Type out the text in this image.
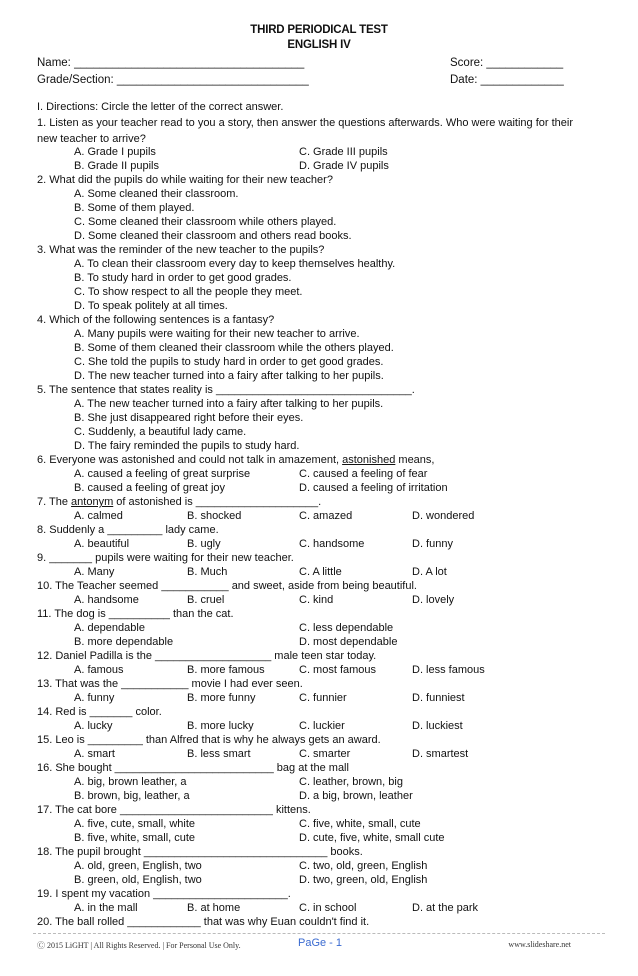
THIRD PERIODICAL TEST
ENGLISH IV
Name: ____________________________________	Score: ____________
Grade/Section: ______________________________	Date: _____________
I. Directions: Circle the letter of the correct answer.
1. Listen as your teacher read to you a story, then answer the questions afterwards. Who were waiting for their
new teacher to arrive?
A. Grade I pupils	C. Grade III pupils
B. Grade II pupils	D. Grade IV pupils
2. What did the pupils do while waiting for their new teacher?
A. Some cleaned their classroom.
B. Some of them played.
C. Some cleaned their classroom while others played.
D. Some cleaned their classroom and others read books.
3. What was the reminder of the new teacher to the pupils?
A. To clean their classroom every day to keep themselves healthy.
B. To study hard in order to get good grades.
C. To show respect to all the people they meet.
D. To speak politely at all times.
4. Which of the following sentences is a fantasy?
A. Many pupils were waiting for their new teacher to arrive.
B. Some of them cleaned their classroom while the others played.
C. She told the pupils to study hard in order to get good grades.
D. The new teacher turned into a fairy after talking to her pupils.
5. The sentence that states reality is ________________________________.
A. The new teacher turned into a fairy after talking to her pupils.
B. She just disappeared right before their eyes.
C. Suddenly, a beautiful lady came.
D. The fairy reminded the pupils to study hard.
6. Everyone was astonished and could not talk in amazement, astonished means,
A. caused a feeling of great surprise	C. caused a feeling of fear
B. caused a feeling of great joy	D. caused a feeling of irritation
7. The antonym of astonished is ____________________.
A. calmed	B. shocked	C. amazed	D. wondered
8. Suddenly a _________ lady came.
A. beautiful	B. ugly	C. handsome	D. funny
9. _______ pupils were waiting for their new teacher.
A. Many	B. Much	C. A little	D. A lot
10. The Teacher seemed ___________ and sweet, aside from being beautiful.
A. handsome	B. cruel	C. kind	D. lovely
11. The dog is __________ than the cat.
A. dependable	C. less dependable
B. more dependable	D. most dependable
12. Daniel Padilla is the ___________________ male teen star today.
A. famous	B. more famous	C. most famous	D. less famous
13. That was the ___________ movie I had ever seen.
A. funny	B. more funny	C. funnier	D. funniest
14. Red is _______ color.
A. lucky	B. more lucky	C. luckier	D. luckiest
15. Leo is _________ than Alfred that is why he always gets an award.
A. smart	B. less smart	C. smarter	D. smartest
16. She bought __________________________ bag at the mall
A. big, brown leather, a	C. leather, brown, big
B. brown, big, leather, a	D. a big, brown, leather
17. The cat bore _________________________ kittens.
A. five, cute, small, white	C. five, white, small, cute
B. five, white, small, cute	D. cute, five, white, small cute
18. The pupil brought ______________________________ books.
A. old, green, English, two	C. two, old, green, English
B. green, old, English, two	D. two, green, old, English
19. I spent my vacation ______________________.
A. in the mall	B. at home	C. in school	D. at the park
20. The ball rolled ____________ that was why Euan couldn't find it.
Ⓒ 2015 LiGHT | All Rights Reserved. | For Personal Use Only.	PaGe - 1	www.slideshare.net
